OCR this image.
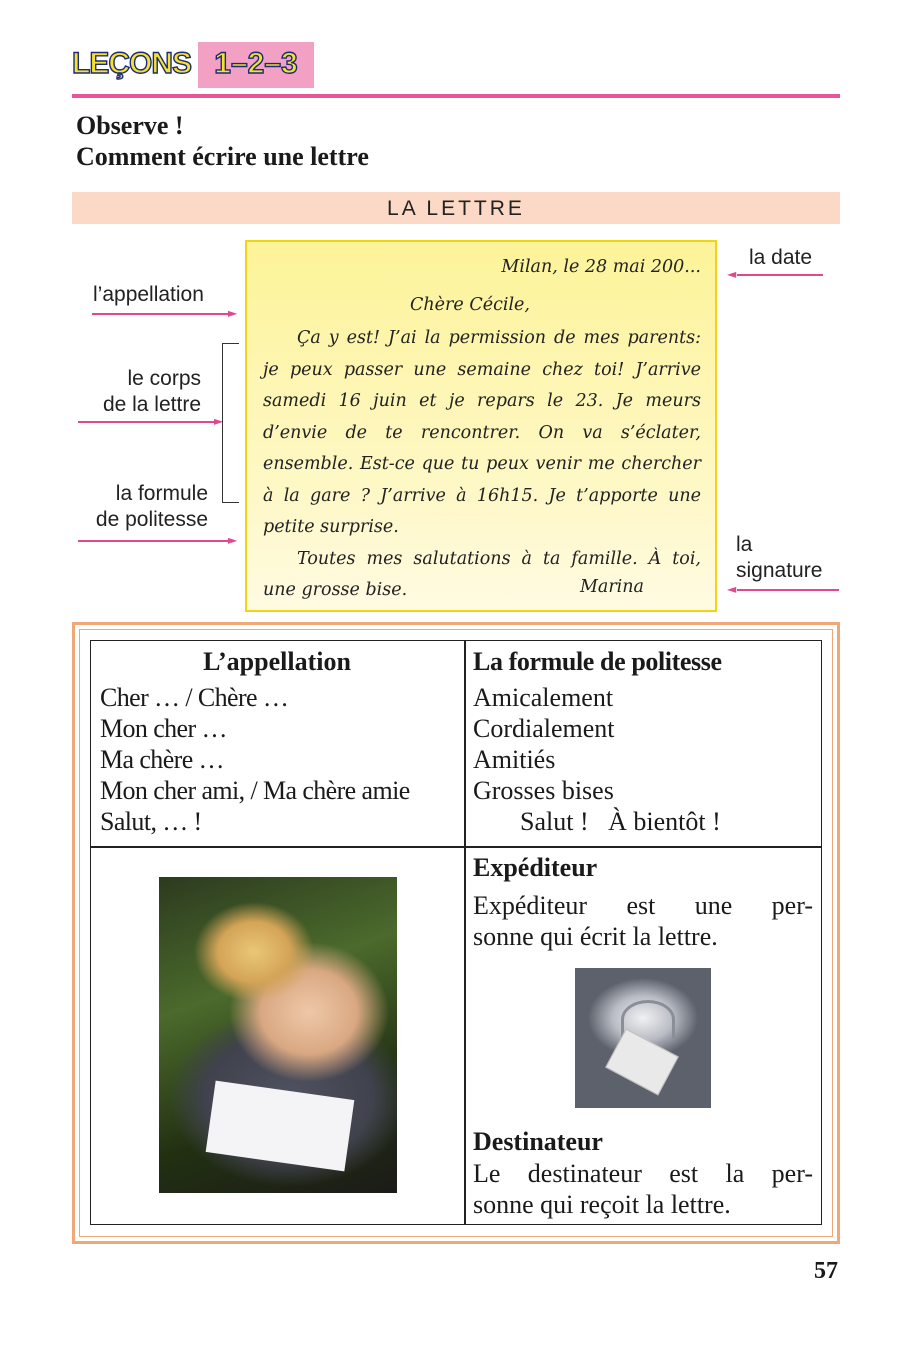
LEÇONS 1–2–3
Observe !
Comment écrire une lettre
LA LETTRE
l’appellation
►
le corps
de la lettre
►
la formule
de politesse
►
la date
◄
la
signature
◄
Milan, le 28 mai 200...
Chère Cécile,

Ça y est! J’ai la permission de mes parents: je peux passer une semaine chez toi! J’arrive samedi 16 juin et je repars le 23. Je meurs d’envie de te rencontrer. On va s’éclater, ensemble. Est-ce que tu peux venir me chercher à la gare ? J’arrive à 16h15. Je t’apporte une petite surprise.

Toutes mes salutations à ta famille. À toi, une grosse bise.	Marina
L’appellation
Cher … / Chère …
Mon cher …
Ma chère …
Mon cher ami, / Ma chère amie
Salut, … !
La formule de politesse
Amicalement
Cordialement
Amitiés
Grosses bises
Salut !   À bientôt !
Expéditeur
Expéditeur est une per-
sonne qui écrit la lettre.
Destinateur
Le destinateur est la per-
sonne qui reçoit la lettre.
57
